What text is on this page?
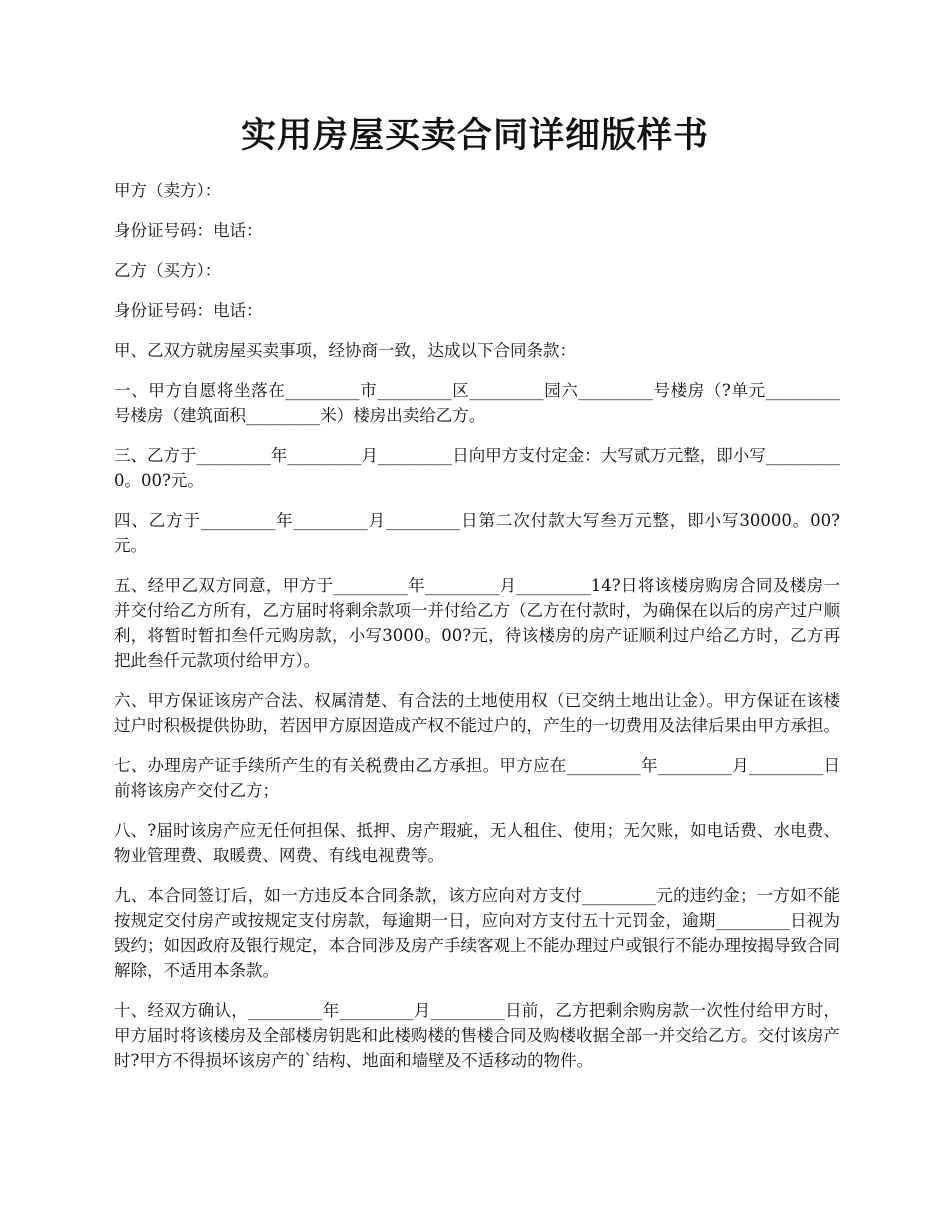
实用房屋买卖合同详细版样书

甲方（卖方）：

身份证号码：电话：

乙方（买方）：

身份证号码：电话：

甲、乙双方就房屋买卖事项，经协商一致，达成以下合同条款：

一、甲方自愿将坐落在_________市_________区_________园六_________号楼房（?单元_________号楼房（建筑面积_________米）楼房出卖给乙方。

三、乙方于_________年_________月_________日向甲方支付定金：大写贰万元整，即小写_________0。00?元。

四、乙方于_________年_________月_________日第二次付款大写叁万元整，即小写30000。00?元。

五、经甲乙双方同意，甲方于_________年_________月_________14?日将该楼房购房合同及楼房一并交付给乙方所有，乙方届时将剩余款项一并付给乙方（乙方在付款时，为确保在以后的房产过户顺利，将暂时暂扣叁仟元购房款，小写3000。00?元，待该楼房的房产证顺利过户给乙方时，乙方再把此叁仟元款项付给甲方）。

六、甲方保证该房产合法、权属清楚、有合法的土地使用权（已交纳土地出让金）。甲方保证在该楼过户时积极提供协助，若因甲方原因造成产权不能过户的，产生的一切费用及法律后果由甲方承担。

七、办理房产证手续所产生的有关税费由乙方承担。甲方应在_________年_________月_________日前将该房产交付乙方；

八、?届时该房产应无任何担保、抵押、房产瑕疵，无人租住、使用；无欠账，如电话费、水电费、物业管理费、取暖费、网费、有线电视费等。

九、本合同签订后，如一方违反本合同条款，该方应向对方支付_________元的违约金；一方如不能按规定交付房产或按规定支付房款，每逾期一日，应向对方支付五十元罚金，逾期_________日视为毁约；如因政府及银行规定，本合同涉及房产手续客观上不能办理过户或银行不能办理按揭导致合同解除，不适用本条款。

十、经双方确认，_________年_________月_________日前，乙方把剩余购房款一次性付给甲方时，甲方届时将该楼房及全部楼房钥匙和此楼购楼的售楼合同及购楼收据全部一并交给乙方。交付该房产时?甲方不得损坏该房产的`结构、地面和墙壁及不适移动的物件。
